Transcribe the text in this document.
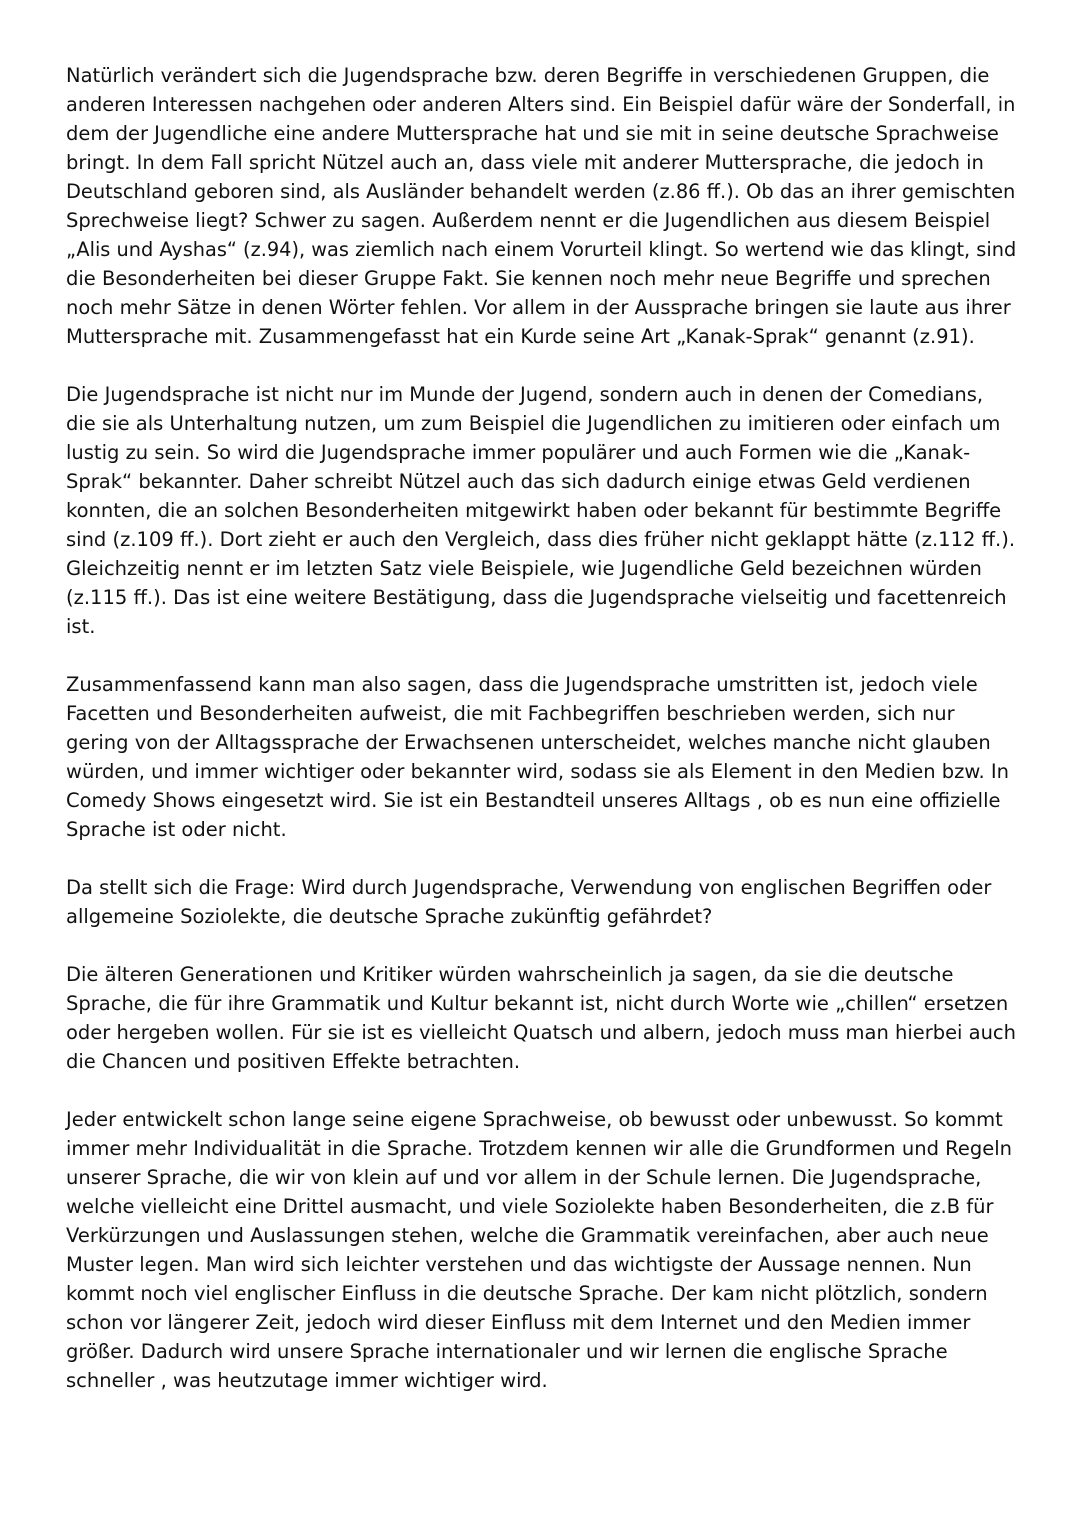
Natürlich verändert sich die Jugendsprache bzw. deren Begriffe in verschiedenen Gruppen, die
anderen Interessen nachgehen oder anderen Alters sind. Ein Beispiel dafür wäre der Sonderfall, in
dem der Jugendliche eine andere Muttersprache hat und sie mit in seine deutsche Sprachweise
bringt. In dem Fall spricht Nützel auch an, dass viele mit anderer Muttersprache, die jedoch in
Deutschland geboren sind, als Ausländer behandelt werden (z.86 ff.). Ob das an ihrer gemischten
Sprechweise liegt? Schwer zu sagen. Außerdem nennt er die Jugendlichen aus diesem Beispiel
„Alis und Ayshas“ (z.94), was ziemlich nach einem Vorurteil klingt. So wertend wie das klingt, sind
die Besonderheiten bei dieser Gruppe Fakt. Sie kennen noch mehr neue Begriffe und sprechen
noch mehr Sätze in denen Wörter fehlen. Vor allem in der Aussprache bringen sie laute aus ihrer
Muttersprache mit. Zusammengefasst hat ein Kurde seine Art „Kanak-Sprak“ genannt (z.91).

Die Jugendsprache ist nicht nur im Munde der Jugend, sondern auch in denen der Comedians,
die sie als Unterhaltung nutzen, um zum Beispiel die Jugendlichen zu imitieren oder einfach um
lustig zu sein. So wird die Jugendsprache immer populärer und auch Formen wie die „Kanak-
Sprak“ bekannter. Daher schreibt Nützel auch das sich dadurch einige etwas Geld verdienen
konnten, die an solchen Besonderheiten mitgewirkt haben oder bekannt für bestimmte Begriffe
sind (z.109 ff.). Dort zieht er auch den Vergleich, dass dies früher nicht geklappt hätte (z.112 ff.).
Gleichzeitig nennt er im letzten Satz viele Beispiele, wie Jugendliche Geld bezeichnen würden
(z.115 ff.). Das ist eine weitere Bestätigung, dass die Jugendsprache vielseitig und facettenreich
ist.

Zusammenfassend kann man also sagen, dass die Jugendsprache umstritten ist, jedoch viele
Facetten und Besonderheiten aufweist, die mit Fachbegriffen beschrieben werden, sich nur
gering von der Alltagssprache der Erwachsenen unterscheidet, welches manche nicht glauben
würden, und immer wichtiger oder bekannter wird, sodass sie als Element in den Medien bzw. In
Comedy Shows eingesetzt wird. Sie ist ein Bestandteil unseres Alltags , ob es nun eine offizielle
Sprache ist oder nicht.

Da stellt sich die Frage: Wird durch Jugendsprache, Verwendung von englischen Begriffen oder
allgemeine Soziolekte, die deutsche Sprache zukünftig gefährdet?

Die älteren Generationen und Kritiker würden wahrscheinlich ja sagen, da sie die deutsche
Sprache, die für ihre Grammatik und Kultur bekannt ist, nicht durch Worte wie „chillen“ ersetzen
oder hergeben wollen. Für sie ist es vielleicht Quatsch und albern, jedoch muss man hierbei auch
die Chancen und positiven Effekte betrachten.

Jeder entwickelt schon lange seine eigene Sprachweise, ob bewusst oder unbewusst. So kommt
immer mehr Individualität in die Sprache. Trotzdem kennen wir alle die Grundformen und Regeln
unserer Sprache, die wir von klein auf und vor allem in der Schule lernen. Die Jugendsprache,
welche vielleicht eine Drittel ausmacht, und viele Soziolekte haben Besonderheiten, die z.B für
Verkürzungen und Auslassungen stehen, welche die Grammatik vereinfachen, aber auch neue
Muster legen. Man wird sich leichter verstehen und das wichtigste der Aussage nennen. Nun
kommt noch viel englischer Einfluss in die deutsche Sprache. Der kam nicht plötzlich, sondern
schon vor längerer Zeit, jedoch wird dieser Einfluss mit dem Internet und den Medien immer
größer. Dadurch wird unsere Sprache internationaler und wir lernen die englische Sprache
schneller , was heutzutage immer wichtiger wird.
